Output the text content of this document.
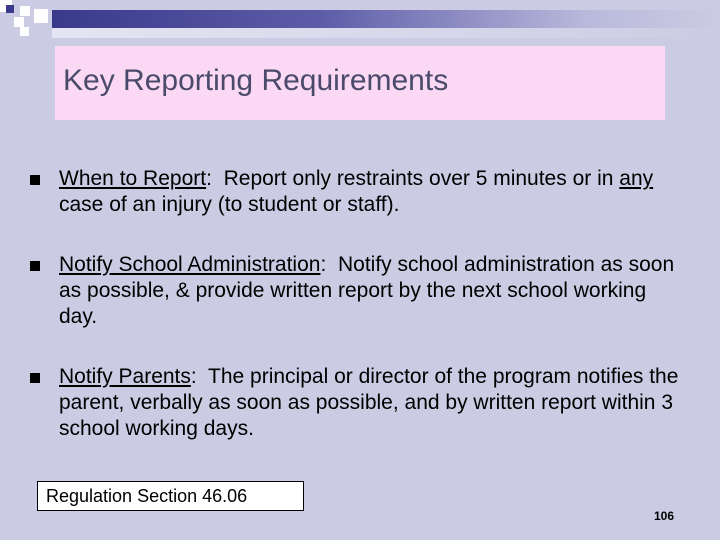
Key Reporting Requirements
When to Report:  Report only restraints over 5 minutes or in any case of an injury (to student or staff).
Notify School Administration:  Notify school administration as soon as possible, & provide written report by the next school working day.
Notify Parents:  The principal or director of the program notifies the parent, verbally as soon as possible, and by written report within 3 school working days.
Regulation Section 46.06
106
